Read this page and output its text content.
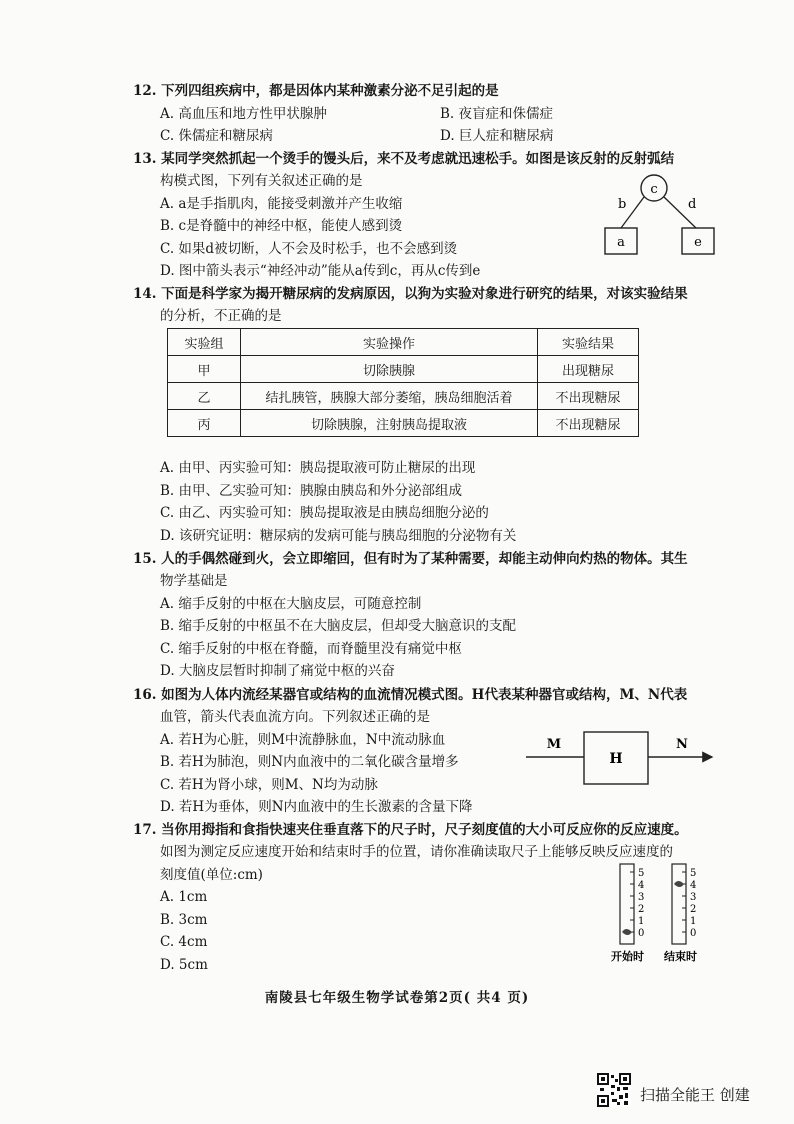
12. 下列四组疾病中，都是因体内某种激素分泌不足引起的是
A. 高血压和地方性甲状腺肿	B. 夜盲症和侏儒症
C. 侏儒症和糖尿病	D. 巨人症和糖尿病
13. 某同学突然抓起一个烫手的馒头后，来不及考虑就迅速松手。如图是该反射的反射弧结
构模式图，下列有关叙述正确的是
A. a是手指肌肉，能接受刺激并产生收缩
B. c是脊髓中的神经中枢，能使人感到烫
C. 如果d被切断，人不会及时松手，也不会感到烫
D. 图中箭头表示“神经冲动”能从a传到c，再从c传到e
c
b	d
a	e
14. 下面是科学家为揭开糖尿病的发病原因，以狗为实验对象进行研究的结果，对该实验结果
的分析，不正确的是
实验组	实验操作	实验结果
甲	切除胰腺	出现糖尿
乙	结扎胰管，胰腺大部分萎缩，胰岛细胞活着	不出现糖尿
丙	切除胰腺，注射胰岛提取液	不出现糖尿
A. 由甲、丙实验可知：胰岛提取液可防止糖尿的出现
B. 由甲、乙实验可知：胰腺由胰岛和外分泌部组成
C. 由乙、丙实验可知：胰岛提取液是由胰岛细胞分泌的
D. 该研究证明：糖尿病的发病可能与胰岛细胞的分泌物有关
15. 人的手偶然碰到火，会立即缩回，但有时为了某种需要，却能主动伸向灼热的物体。其生
物学基础是
A. 缩手反射的中枢在大脑皮层，可随意控制
B. 缩手反射的中枢虽不在大脑皮层，但却受大脑意识的支配
C. 缩手反射的中枢在脊髓，而脊髓里没有痛觉中枢
D. 大脑皮层暂时抑制了痛觉中枢的兴奋
16. 如图为人体内流经某器官或结构的血流情况模式图。H代表某种器官或结构，M、N代表
血管，箭头代表血流方向。下列叙述正确的是
A. 若H为心脏，则M中流静脉血，N中流动脉血
B. 若H为肺泡，则N内血液中的二氧化碳含量增多
C. 若H为肾小球，则M、N均为动脉
D. 若H为垂体，则N内血液中的生长激素的含量下降
M
H
N
17. 当你用拇指和食指快速夹住垂直落下的尺子时，尺子刻度值的大小可反应你的反应速度。
如图为测定反应速度开始和结束时手的位置，请你准确读取尺子上能够反映反应速度的
刻度值(单位:cm)
A. 1cm
B. 3cm
C. 4cm
D. 5cm
5
4
3
2
1
0
5
4
3
2
1
0
开始时 结束时
南陵县七年级生物学试卷第2页( 共4 页)
扫描全能王 创建
